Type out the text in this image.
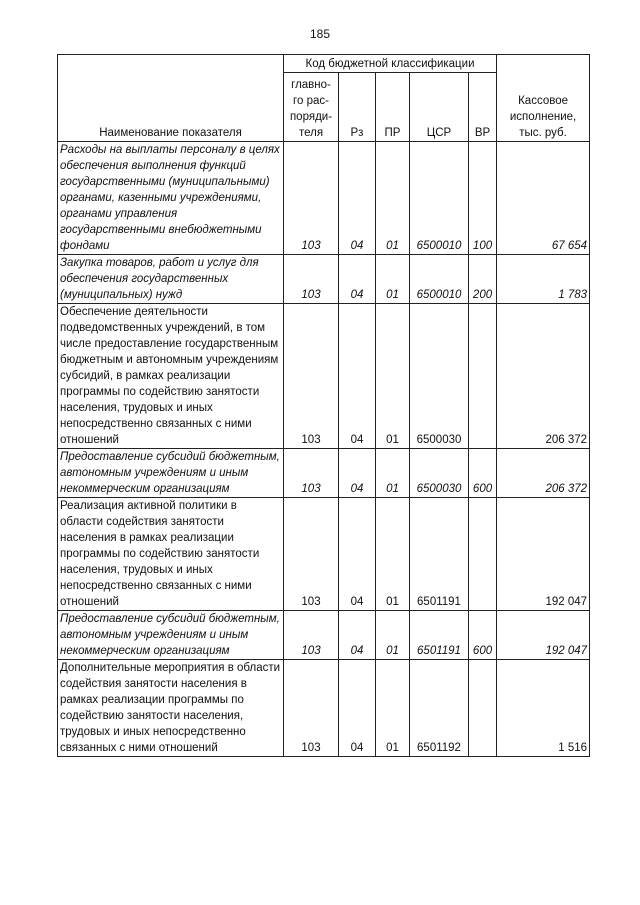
185
Наименование показателя	Код бюджетной классификации					Кассовое исполнение, тыс. руб.
	главно-го рас-поряди-теля	Рз	ПР	ЦСР	ВР	
Расходы на выплаты персоналу в целях обеспечения выполнения функций государственными (муниципальными) органами, казенными учреждениями, органами управления государственными внебюджетными фондами	103	04	01	6500010	100	67 654
Закупка товаров, работ и услуг для обеспечения государственных (муниципальных) нужд	103	04	01	6500010	200	1 783
Обеспечение деятельности подведомственных учреждений, в том числе предоставление государственным бюджетным и автономным учреждениям субсидий, в рамках реализации программы по содействию занятости населения, трудовых и иных непосредственно связанных с ними отношений	103	04	01	6500030		206 372
Предоставление субсидий бюджетным, автономным учреждениям и иным некоммерческим организациям	103	04	01	6500030	600	206 372
Реализация активной политики в области содействия занятости населения в рамках реализации программы по содействию занятости населения, трудовых и иных непосредственно связанных с ними отношений	103	04	01	6501191		192 047
Предоставление субсидий бюджетным, автономным учреждениям и иным некоммерческим организациям	103	04	01	6501191	600	192 047
Дополнительные мероприятия в области содействия занятости населения в рамках реализации программы по содействию занятости населения, трудовых и иных непосредственно связанных с ними отношений	103	04	01	6501192		1 516
